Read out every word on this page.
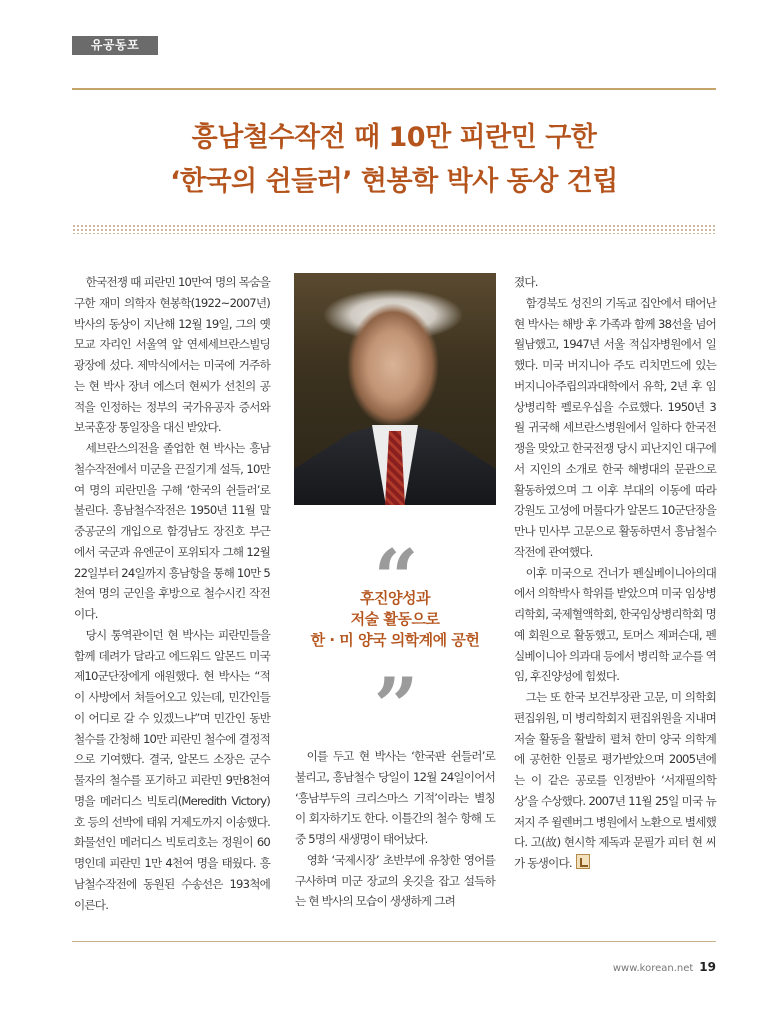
유공동포
흥남철수작전 때 10만 피란민 구한
‘한국의 쉰들러’ 현봉학 박사 동상 건립

한국전쟁 때 피란민 10만여 명의 목숨을 구한 재미 의학자 현봉학(1922~2007년) 박사의 동상이 지난해 12월 19일, 그의 옛 모교 자리인 서울역 앞 연세세브란스빌딩 광장에 섰다. 제막식에서는 미국에 거주하는 현 박사 장녀 에스더 현씨가 선친의 공적을 인정하는 정부의 국가유공자 증서와 보국훈장 통일장을 대신 받았다.

세브란스의전을 졸업한 현 박사는 흥남철수작전에서 미군을 끈질기게 설득, 10만여 명의 피란민을 구해 ‘한국의 쉰들러’로 불린다. 흥남철수작전은 1950년 11월 말 중공군의 개입으로 함경남도 장진호 부근에서 국군과 유엔군이 포위되자 그해 12월 22일부터 24일까지 흥남항을 통해 10만 5천여 명의 군인을 후방으로 철수시킨 작전이다.

당시 통역관이던 현 박사는 피란민들을 함께 데려가 달라고 에드워드 알몬드 미국 제10군단장에게 애원했다. 현 박사는 “적이 사방에서 쳐들어오고 있는데, 민간인들이 어디로 갈 수 있겠느냐”며 민간인 동반 철수를 간청해 10만 피란민 철수에 결정적으로 기여했다. 결국, 알몬드 소장은 군수물자의 철수를 포기하고 피란민 9만8천여 명을 메러디스 빅토리(Meredith Victory)호 등의 선박에 태워 거제도까지 이송했다. 화물선인 메러디스 빅토리호는 정원이 60명인데 피란민 1만 4천여 명을 태웠다. 흥남철수작전에 동원된 수송선은 193척에 이른다.

후진양성과
저술 활동으로
한 · 미 양국 의학계에 공헌

이를 두고 현 박사는 ‘한국판 쉰들러’로 불리고, 흥남철수 당일이 12월 24일이어서 ‘흥남부두의 크리스마스 기적’이라는 별칭이 회자하기도 한다. 이틀간의 철수 항해 도중 5명의 새생명이 태어났다.

영화 ‘국제시장’ 초반부에 유창한 영어를 구사하며 미군 장교의 옷깃을 잡고 설득하는 현 박사의 모습이 생생하게 그려

졌다.

함경북도 성진의 기독교 집안에서 태어난 현 박사는 해방 후 가족과 함께 38선을 넘어 월남했고, 1947년 서울 적십자병원에서 일했다. 미국 버지니아 주도 리치먼드에 있는 버지니아주립의과대학에서 유학, 2년 후 임상병리학 펠로우십을 수료했다. 1950년 3월 귀국해 세브란스병원에서 일하다 한국전쟁을 맞았고 한국전쟁 당시 피난지인 대구에서 지인의 소개로 한국 해병대의 문관으로 활동하였으며 그 이후 부대의 이동에 따라 강원도 고성에 머물다가 알몬드 10군단장을 만나 민사부 고문으로 활동하면서 흥남철수 작전에 관여했다.

이후 미국으로 건너가 펜실베이니아의대에서 의학박사 학위를 받았으며 미국 임상병리학회, 국제혈액학회, 한국임상병리학회 명예 회원으로 활동했고, 토머스 제퍼슨대, 펜실베이니아 의과대 등에서 병리학 교수를 역임, 후진양성에 힘썼다.

그는 또 한국 보건부장관 고문, 미 의학회 편집위원, 미 병리학회지 편집위원을 지내며 저술 활동을 활발히 펼쳐 한미 양국 의학계에 공헌한 인물로 평가받았으며 2005년에는 이 같은 공로를 인정받아 ‘서재필의학상’을 수상했다. 2007년 11월 25일 미국 뉴저지 주 윌렌버그 병원에서 노환으로 별세했다. 고(故) 현시학 제독과 문필가 피터 현 씨가 동생이다.

www.korean.net 19
